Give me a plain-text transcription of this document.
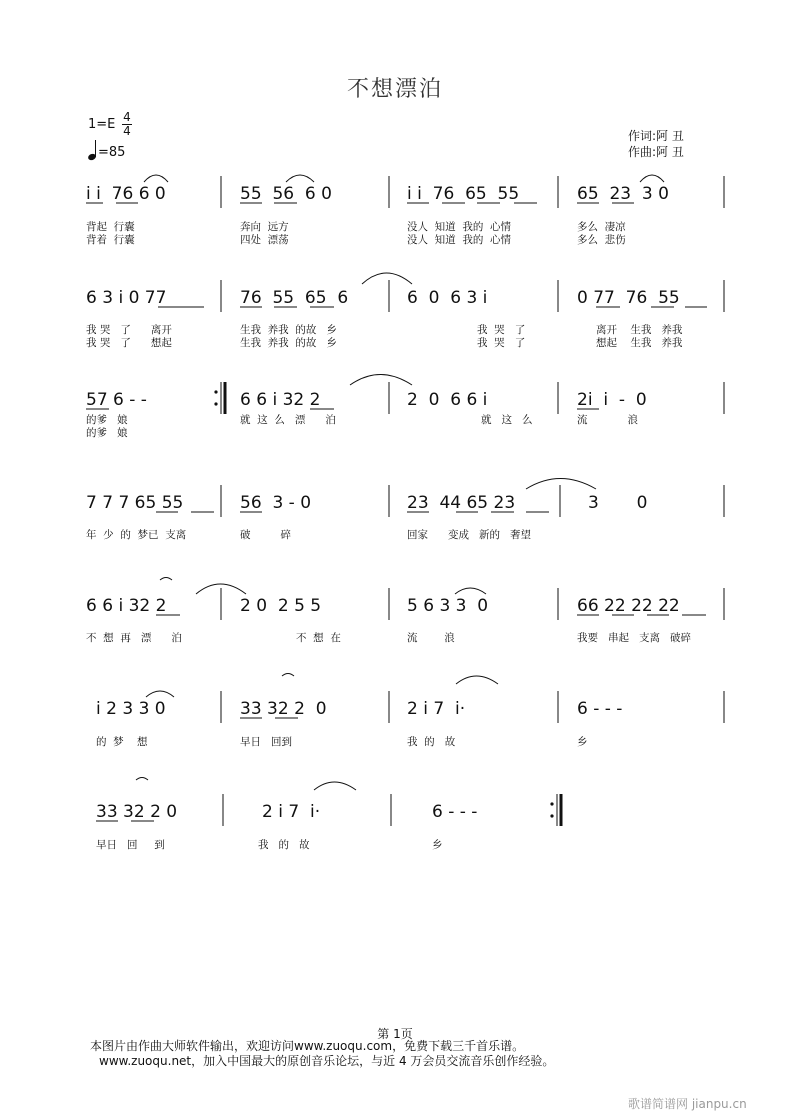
不想漂泊
1=E 4
4
=85
作词:阿 丑
作曲:阿 丑
i i  76 6 0	55  56  6 0	i i  76  65  55	65  23  3 0
背起  行囊	奔向  远方	没人  知道  我的  心情	多么  凄凉
背着  行囊	四处  漂荡	没人  知道  我的  心情	多么  悲伤
6 3 i 0 77	76  55  65  6	6  0  6 3 i	0 77  76  55
我 哭   了      离开	生我  养我  的故   乡	我  哭   了	离开    生我   养我
我 哭   了      想起	生我  养我  的故   乡	我  哭   了	想起    生我   养我
57 6 - -	6 6 i 32 2	2  0  6 6 i	2i  i  -  0
的爹   娘	就  这  么   漂      泊	就   这   么	流            浪
的爹   娘
7 7 7 65 55	56  3 - 0	23  44 65 23	3       0
年  少  的  梦已  支离	破         碎	回家      变成   新的   奢望
6 6 i 32 2	2 0  2 5 5	5 6 3 3  0	66 22 22 22
不  想  再   漂      泊	不  想  在	流        浪	我要   串起   支离   破碎
i 2 3 3 0	33 32 2  0	2 i 7  i·	6 - - -
的  梦    想	早日   回到	我  的   故	乡
33 32 2 0	2 i 7  i·	6 - - -
早日   回     到	我   的   故	乡
第 1页
本图片由作曲大师软件输出，欢迎访问www.zuoqu.com，免费下载三千首乐谱。
www.zuoqu.net，加入中国最大的原创音乐论坛，与近 4 万会员交流音乐创作经验。
歌谱简谱网 jianpu.cn
